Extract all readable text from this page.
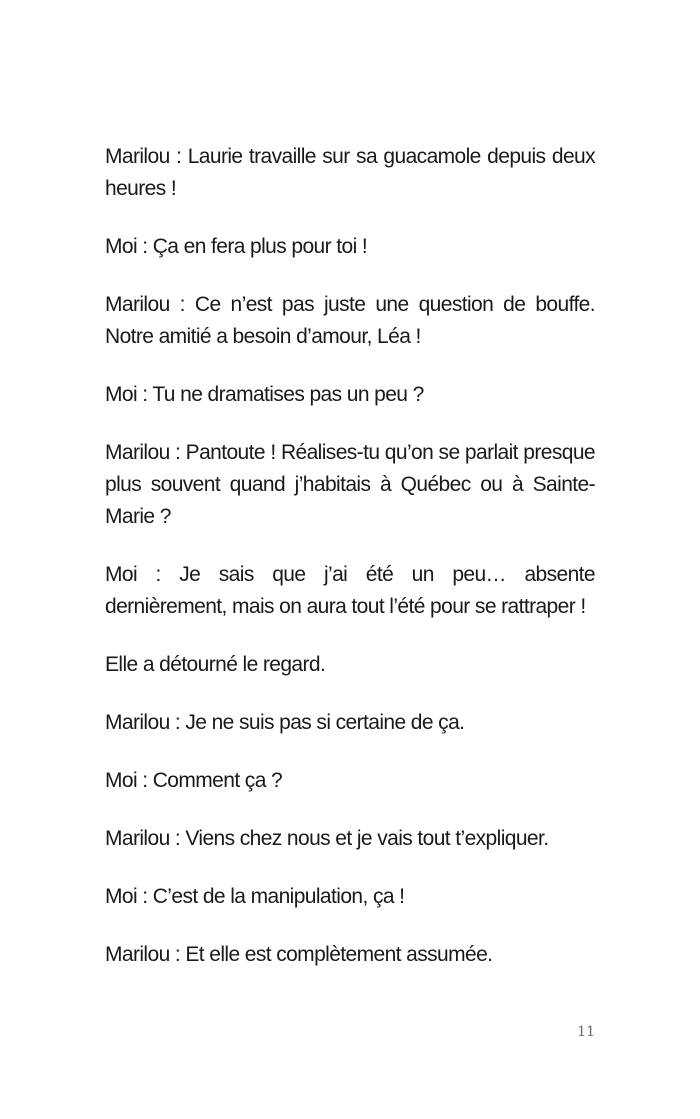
Marilou : Laurie travaille sur sa guacamole depuis deux heures !

Moi : Ça en fera plus pour toi !

Marilou : Ce n’est pas juste une question de bouffe. Notre amitié a besoin d’amour, Léa !

Moi : Tu ne dramatises pas un peu ?

Marilou : Pantoute ! Réalises-tu qu’on se parlait presque plus souvent quand j’habitais à Québec ou à Sainte-Marie ?

Moi : Je sais que j’ai été un peu… absente dernièrement, mais on aura tout l’été pour se rattraper !

Elle a détourné le regard.

Marilou : Je ne suis pas si certaine de ça.

Moi : Comment ça ?

Marilou : Viens chez nous et je vais tout t’expliquer.

Moi : C’est de la manipulation, ça !

Marilou : Et elle est complètement assumée.

11
